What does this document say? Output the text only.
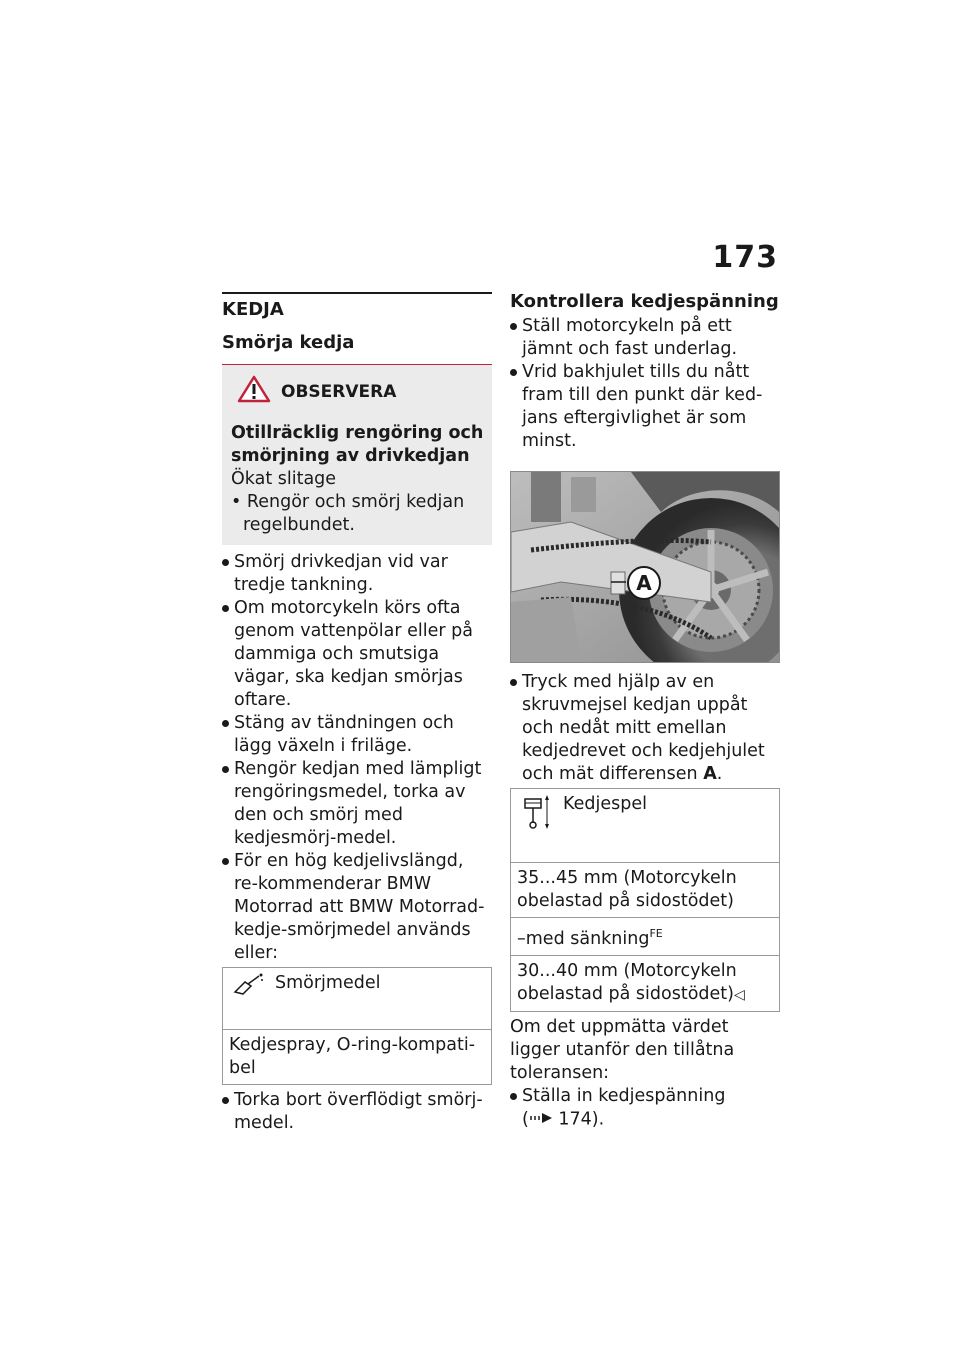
173
KEDJA
Smörja kedja
OBSERVERA
Otillräcklig rengöring och smörjning av drivkedjan
Ökat slitage
• Rengör och smörj kedjan regelbundet.
Smörj drivkedjan vid var tredje tankning.
Om motorcykeln körs ofta genom vattenpölar eller på dammiga och smutsiga vägar, ska kedjan smörjas oftare.
Stäng av tändningen och lägg växeln i friläge.
Rengör kedjan med lämpligt rengöringsmedel, torka av den och smörj med kedjesmörj-medel.
För en hög kedjelivslängd, re-kommenderar BMW Motorrad att BMW Motorrad-kedje-smörjmedel används eller:
Smörjmedel
Kedjespray, O-ring-kompati-bel
Torka bort överflödigt smörj-medel.
Kontrollera kedjespänning
Ställ motorcykeln på ett jämnt och fast underlag.
Vrid bakhjulet tills du nått fram till den punkt där ked-jans eftergivlighet är som minst.
A
Tryck med hjälp av en skruvmejsel kedjan uppåt och nedåt mitt emellan kedjedrevet och kedjehjulet och mät differensen A.
Kedjespel
35...45 mm (Motorcykeln obelastad på sidostödet)
–med sänkning$^{FE}$
30...40 mm (Motorcykeln obelastad på sidostödet)◁
Om det uppmätta värdet ligger utanför den tillåtna toleransen:
Ställa in kedjespänning
( 174).
